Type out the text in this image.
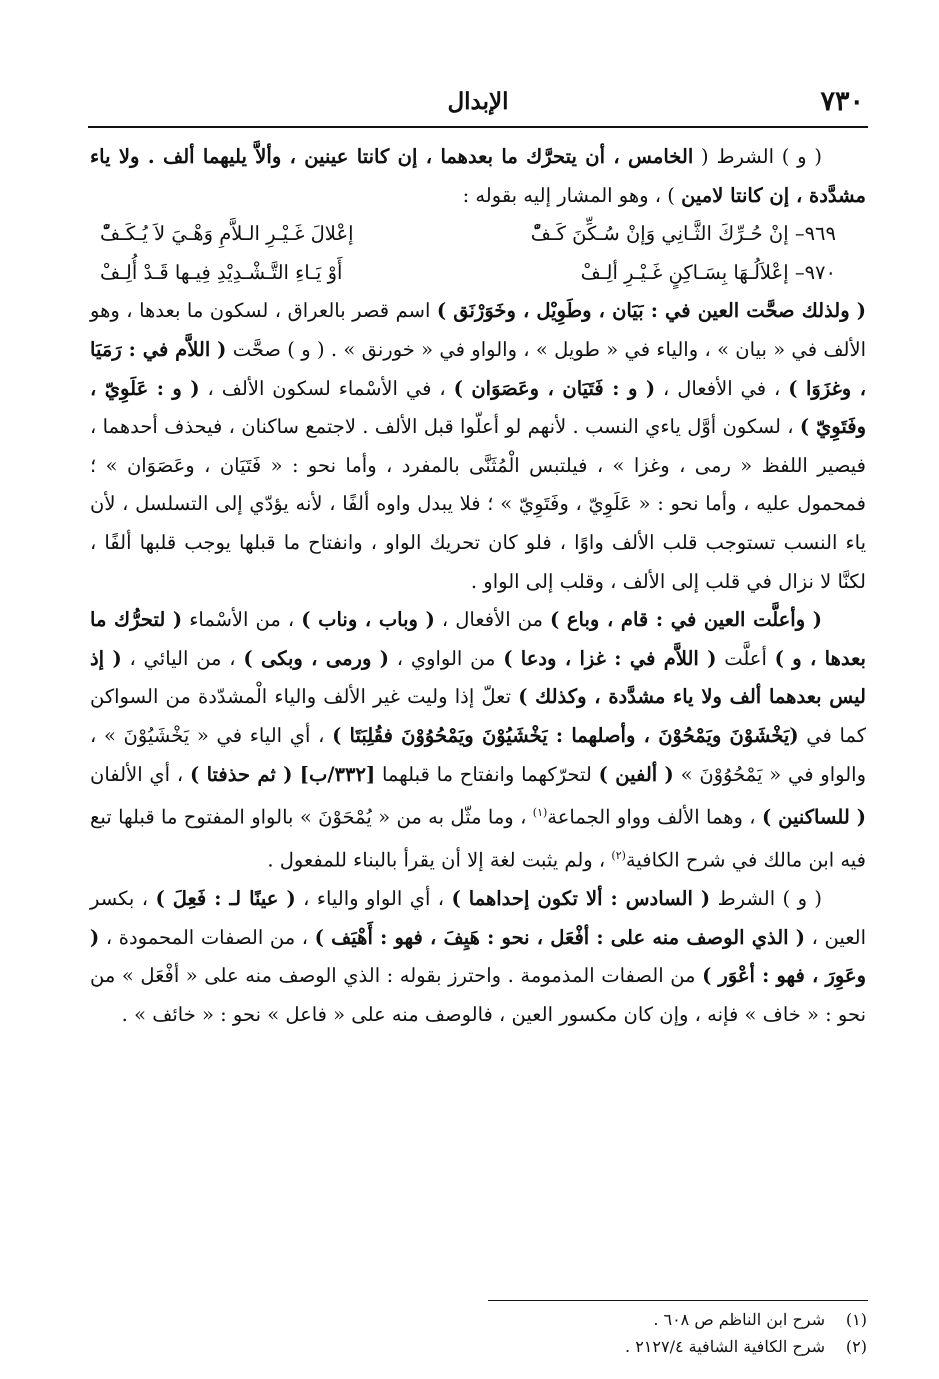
٧٣٠
الإبدال

( و ) الشرط ( الخامس ، أن يتحرَّك ما بعدهما ، إن كانتا عينين ، وألاَّ يليهما ألف . ولا ياء مشدَّدة ، إن كانتا لامين ) ، وهو المشار إليه بقوله :

٩٦٩– إنْ حُـرِّكَ الثَّـانِي وَإنْ سُـكِّنَ كَـفّْ
إعْلالَ غَـيْـرِ الـلاَّمِ وَهْـيَ لاَ يُـكَـفّْ
٩٧٠– إعْلاَلُـهَا بِسَـاكِنٍ غَـيْـرِ ألِـفْ
أَوْ يَـاءِ التَّـشْـدِيْدِ فِيـها قَـدْ أُلِـفْ

( ولذلك صحَّت العين في : بَيَان ، وطَوِيْل ، وخَوَرْنَق ) اسم قصر بالعراق ، لسكون ما بعدها ، وهو الألف في « بيان » ، والياء في « طويل » ، والواو في « خورنق » . ( و ) صحَّت ( اللاَّم في : رَمَيَا ، وغزَوَا ) ، في الأفعال ، ( و : فَتَيَان ، وعَصَوَان ) ، في الأسْماء لسكون الألف ، ( و : عَلَوِيّ ، وفَتَوِيّ ) ، لسكون أوَّل ياءي النسب . لأنهم لو أعلّوا قبل الألف . لاجتمع ساكنان ، فيحذف أحدهما ، فيصير اللفظ « رمى ، وغزا » ، فيلتبس الْمُثَنَّى بالمفرد ، وأما نحو : « فَتَيَان ، وعَصَوَان » ؛ فمحمول عليه ، وأما نحو : « عَلَوِيّ ، وفَتَوِيّ » ؛ فلا يبدل واوه ألفًا ، لأنه يؤدّي إلى التسلسل ، لأن ياء النسب تستوجب قلب الألف واوًا ، فلو كان تحريك الواو ، وانفتاح ما قبلها يوجب قلبها ألفًا ، لكنَّا لا نزال في قلب إلى الألف ، وقلب إلى الواو .

( وأعلَّت العين في : قام ، وباع ) من الأفعال ، ( وباب ، وناب ) ، من الأسْماء ( لتحرُّك ما بعدها ، و ) أعلَّت ( اللاَّم في : غزا ، ودعا ) من الواوي ، ( ورمى ، وبكى ) ، من اليائي ، ( إذ ليس بعدهما ألف ولا ياء مشدَّدة ، وكذلك ) تعلّ إذا وليت غير الألف والياء الْمشدّدة من السواكن كما في (يَخْشَوْنَ ويَمْحُوْنَ ، وأصلهما : يَخْشَيُوْنَ ويَمْحُوُوْنَ فقُلِبَتَا ) ، أي الياء في « يَخْشَيُوْنَ » ، والواو في « يَمْحُوُوْنَ » ( ألفين ) لتحرّكهما وانفتاح ما قبلهما [٣٣٢/ب] ( ثم حذفتا ) ، أي الألفان ( للساكنين ) ، وهما الألف وواو الجماعة$^{(١)}$ ، وما مثّل به من « يُمْحَوْنَ » بالواو المفتوح ما قبلها تبع فيه ابن مالك في شرح الكافية$^{(٢)}$ ، ولم يثبت لغة إلا أن يقرأ بالبناء للمفعول .

( و ) الشرط ( السادس : ألا تكون إحداهما ) ، أي الواو والياء ، ( عينًا لـ : فَعِلَ ) ، بكسر العين ، ( الذي الوصف منه على : أفْعَل ، نحو : هَيِفَ ، فهو : أَهْيَف ) ، من الصفات المحمودة ، ( وعَوِرَ ، فهو : أعْوَر ) من الصفات المذمومة . واحترز بقوله : الذي الوصف منه على « أفْعَل » من نحو : « خاف » فإنه ، وإن كان مكسور العين ، فالوصف منه على « فاعل » نحو : « خائف » .

(١)شرح ابن الناظم ص ٦٠٨ .
(٢)شرح الكافية الشافية ٢١٢٧/٤ .
